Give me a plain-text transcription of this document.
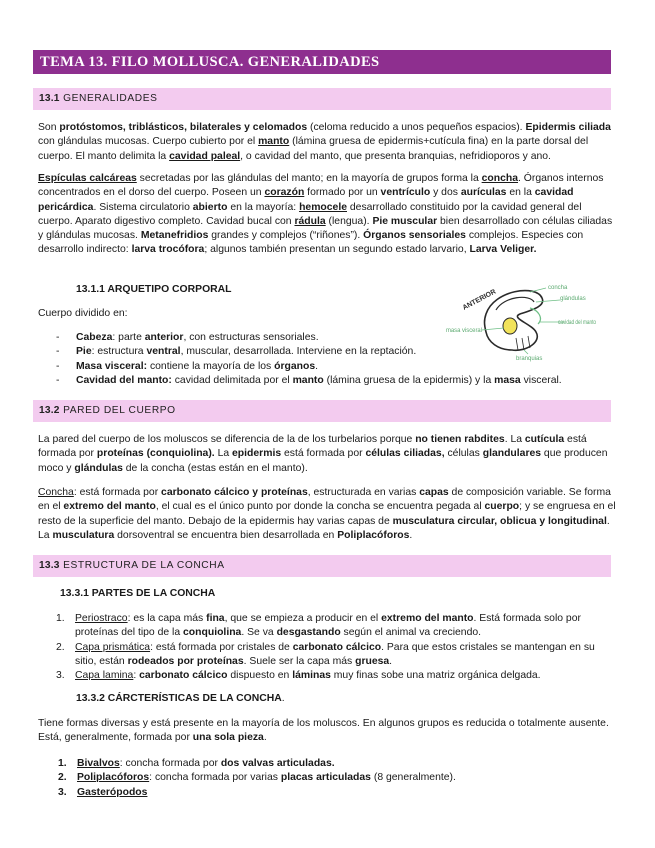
TEMA 13. FILO MOLLUSCA. GENERALIDADES
13.1 GENERALIDADES

Son protóstomos, triblásticos, bilaterales y celomados (celoma reducido a unos pequeños espacios). Epidermis ciliada con glándulas mucosas. Cuerpo cubierto por el manto (lámina gruesa de epidermis+cutícula fina) en la parte dorsal del cuerpo. El manto delimita la cavidad paleal, o cavidad del manto, que presenta branquias, nefridioporos y ano.

Espículas calcáreas secretadas por las glándulas del manto; en la mayoría de grupos forma la concha. Órganos internos concentrados en el dorso del cuerpo. Poseen un corazón formado por un ventrículo y dos aurículas en la cavidad pericárdica. Sistema circulatorio abierto en la mayoría: hemocele desarrollado constituido por la cavidad general del cuerpo. Aparato digestivo completo. Cavidad bucal con rádula (lengua). Pie muscular bien desarrollado con células ciliadas y glándulas mucosas. Metanefridios grandes y complejos (“riñones”). Órganos sensoriales complejos. Especies con desarrollo indirecto: larva trocófora; algunos también presentan un segundo estado larvario, Larva Veliger.

13.1.1 ARQUETIPO CORPORAL
Cuerpo dividido en:
- Cabeza: parte anterior, con estructuras sensoriales.
- Pie: estructura ventral, muscular, desarrollada. Interviene en la reptación.
- Masa visceral: contiene la mayoría de los órganos.
- Cavidad del manto: cavidad delimitada por el manto (lámina gruesa de la epidermis) y la masa visceral.
ANTERIOR
concha
glándulas
cavidad del manto
masa visceral
branquias
13.2 PARED DEL CUERPO

La pared del cuerpo de los moluscos se diferencia de la de los turbelarios porque no tienen rabdites. La cutícula está formada por proteínas (conquiolina). La epidermis está formada por células ciliadas, células glandulares que producen moco y glándulas de la concha (estas están en el manto).

Concha: está formada por carbonato cálcico y proteínas, estructurada en varias capas de composición variable. Se forma en el extremo del manto, el cual es el único punto por donde la concha se encuentra pegada al cuerpo; y se engruesa en el resto de la superficie del manto. Debajo de la epidermis hay varias capas de musculatura circular, oblicua y longitudinal. La musculatura dorsoventral se encuentra bien desarrollada en Poliplacóforos.

13.3 ESTRUCTURA DE LA CONCHA
13.3.1 PARTES DE LA CONCHA
1. Periostraco: es la capa más fina, que se empieza a producir en el extremo del manto. Está formada solo por proteínas del tipo de la conquiolina. Se va desgastando según el animal va creciendo.
2. Capa prismática: está formada por cristales de carbonato cálcico. Para que estos cristales se mantengan en su sitio, están rodeados por proteínas. Suele ser la capa más gruesa.
3. Capa lamina: carbonato cálcico dispuesto en láminas muy finas sobe una matriz orgánica delgada.
13.3.2 CÁRCTERÍSTICAS DE LA CONCHA.

Tiene formas diversas y está presente en la mayoría de los moluscos. En algunos grupos es reducida o totalmente ausente. Está, generalmente, formada por una sola pieza.

1. Bivalvos: concha formada por dos valvas articuladas.
2. Poliplacóforos: concha formada por varias placas articuladas (8 generalmente).
3. Gasterópodos
